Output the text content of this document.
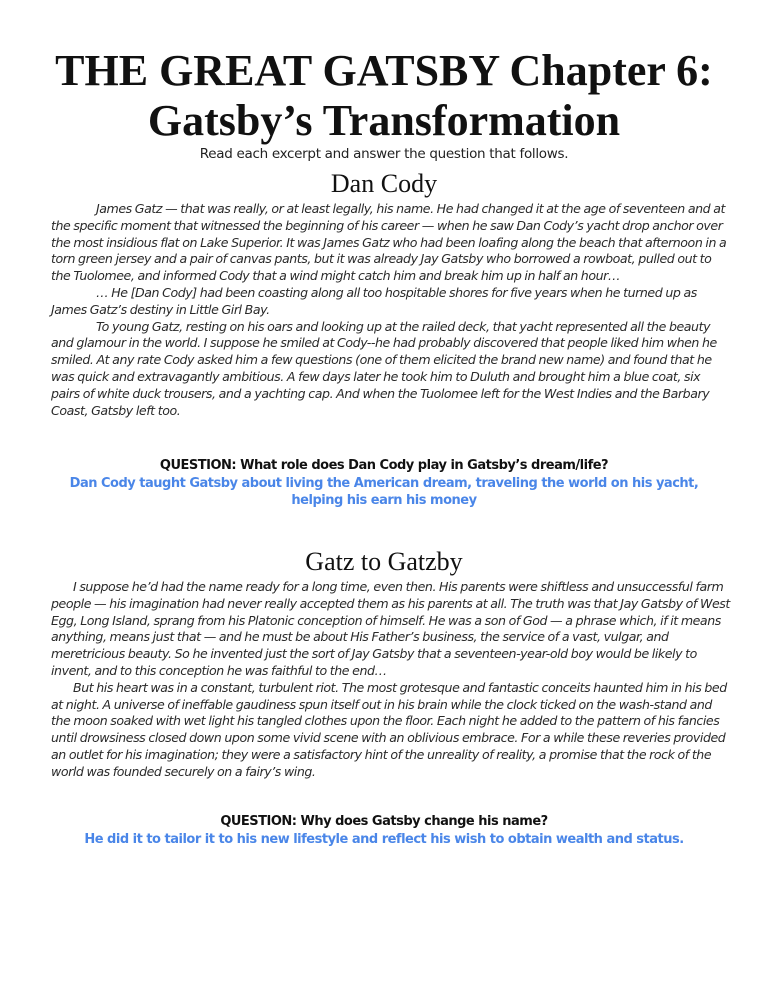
THE GREAT GATSBY Chapter 6:
Gatsby’s Transformation
Read each excerpt and answer the question that follows.
Dan Cody

James Gatz — that was really, or at least legally, his name. He had changed it at the age of seventeen and at the specific moment that witnessed the beginning of his career — when he saw Dan Cody’s yacht drop anchor over the most insidious flat on Lake Superior. It was James Gatz who had been loafing along the beach that afternoon in a torn green jersey and a pair of canvas pants, but it was already Jay Gatsby who borrowed a rowboat, pulled out to the Tuolomee, and informed Cody that a wind might catch him and break him up in half an hour…

… He [Dan Cody] had been coasting along all too hospitable shores for five years when he turned up as James Gatz’s destiny in Little Girl Bay.

To young Gatz, resting on his oars and looking up at the railed deck, that yacht represented all the beauty and glamour in the world. I suppose he smiled at Cody--he had probably discovered that people liked him when he smiled. At any rate Cody asked him a few questions (one of them elicited the brand new name) and found that he was quick and extravagantly ambitious. A few days later he took him to Duluth and brought him a blue coat, six pairs of white duck trousers, and a yachting cap. And when the Tuolomee left for the West Indies and the Barbary Coast, Gatsby left too.

QUESTION: What role does Dan Cody play in Gatsby’s dream/life?
Dan Cody taught Gatsby about living the American dream, traveling the world on his yacht, helping his earn his money
Gatz to Gatzby

I suppose he’d had the name ready for a long time, even then. His parents were shiftless and unsuccessful farm people — his imagination had never really accepted them as his parents at all. The truth was that Jay Gatsby of West Egg, Long Island, sprang from his Platonic conception of himself. He was a son of God — a phrase which, if it means anything, means just that — and he must be about His Father’s business, the service of a vast, vulgar, and meretricious beauty. So he invented just the sort of Jay Gatsby that a seventeen-year-old boy would be likely to invent, and to this conception he was faithful to the end…

But his heart was in a constant, turbulent riot. The most grotesque and fantastic conceits haunted him in his bed at night. A universe of ineffable gaudiness spun itself out in his brain while the clock ticked on the wash-stand and the moon soaked with wet light his tangled clothes upon the floor. Each night he added to the pattern of his fancies until drowsiness closed down upon some vivid scene with an oblivious embrace. For a while these reveries provided an outlet for his imagination; they were a satisfactory hint of the unreality of reality, a promise that the rock of the world was founded securely on a fairy’s wing.

QUESTION: Why does Gatsby change his name?
He did it to tailor it to his new lifestyle and reflect his wish to obtain wealth and status.
